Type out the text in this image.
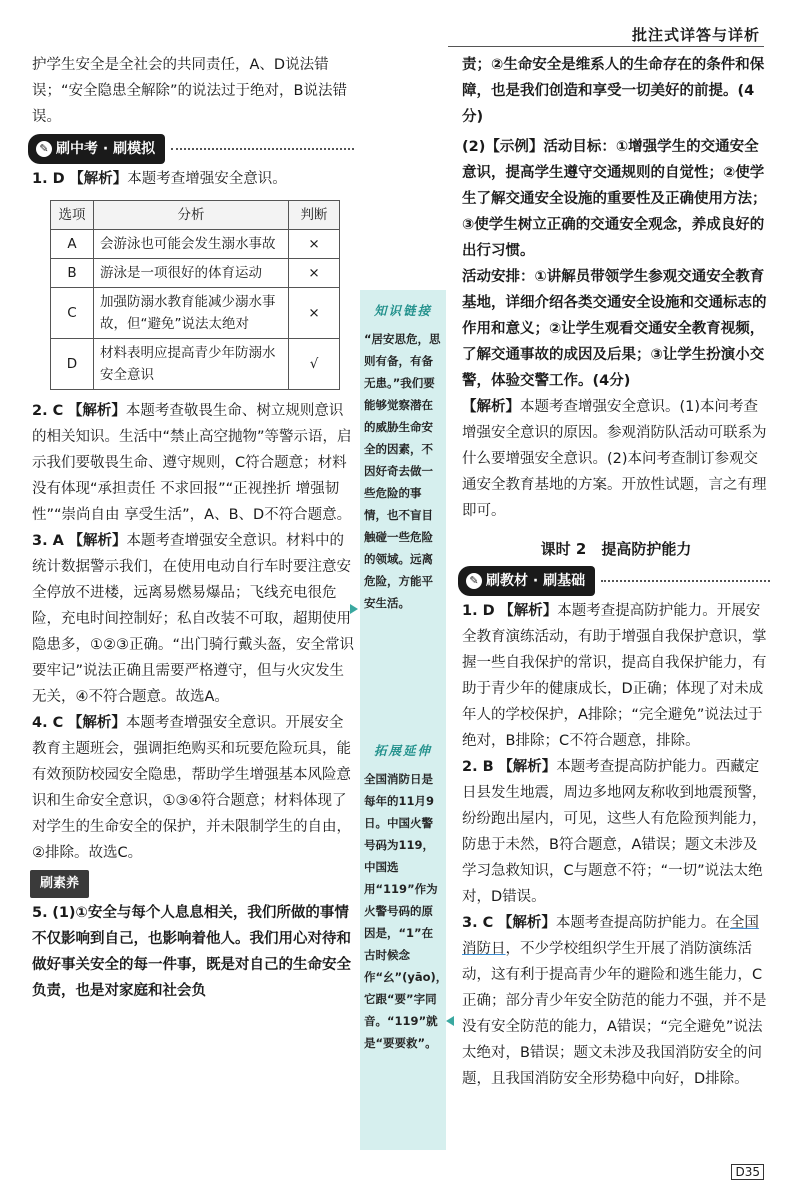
批注式详答与详析

护学生安全是全社会的共同责任，A、D说法错误；“安全隐患全解除”的说法过于绝对，B说法错误。

✎ 刷中考 · 刷模拟

1. D 【解析】本题考查增强安全意识。

选项	分析	判断
A	会游泳也可能会发生溺水事故	×
B	游泳是一项很好的体育运动	×
C	加强防溺水教育能减少溺水事故，但“避免”说法太绝对	×
D	材料表明应提高青少年防溺水安全意识	√

2. C 【解析】本题考查敬畏生命、树立规则意识的相关知识。生活中“禁止高空抛物”等警示语，启示我们要敬畏生命、遵守规则，C符合题意；材料没有体现“承担责任 不求回报”“正视挫折 增强韧性”“崇尚自由 享受生活”，A、B、D不符合题意。

3. A 【解析】本题考查增强安全意识。材料中的统计数据警示我们，在使用电动自行车时要注意安全停放不进楼，远离易燃易爆品；飞线充电很危险，充电时间控制好；私自改装不可取，超期使用隐患多，①②③正确。“出门骑行戴头盔，安全常识要牢记”说法正确且需要严格遵守，但与火灾发生无关，④不符合题意。故选A。

4. C 【解析】本题考查增强安全意识。开展安全教育主题班会，强调拒绝购买和玩要危险玩具，能有效预防校园安全隐患，帮助学生增强基本风险意识和生命安全意识，①③④符合题意；材料体现了对学生的生命安全的保护，并未限制学生的自由，②排除。故选C。

刷素养

5. (1)①安全与每个人息息相关，我们所做的事情不仅影响到自己，也影响着他人。我们用心对待和做好事关安全的每一件事，既是对自己的生命安全负责，也是对家庭和社会负

知识链接
“居安思危，思则有备，有备无患。”我们要能够觉察潜在的威胁生命安全的因素，不因好奇去做一些危险的事情，也不盲目触碰一些危险的领域。远离危险，方能平安生活。
拓展延伸
全国消防日是每年的11月9日。中国火警号码为119，中国选用“119”作为火警号码的原因是，“1”在古时候念作“幺”(yāo)，它跟“要”字同音。“119”就是“要要救”。

责；②生命安全是维系人的生命存在的条件和保障，也是我们创造和享受一切美好的前提。(4分)

(2)【示例】活动目标：①增强学生的交通安全意识，提高学生遵守交通规则的自觉性；②使学生了解交通安全设施的重要性及正确使用方法；③使学生树立正确的交通安全观念，养成良好的出行习惯。

活动安排：①讲解员带领学生参观交通安全教育基地，详细介绍各类交通安全设施和交通标志的作用和意义；②让学生观看交通安全教育视频，了解交通事故的成因及后果；③让学生扮演小交警，体验交警工作。(4分)

【解析】本题考查增强安全意识。(1)本问考查增强安全意识的原因。参观消防队活动可联系为什么要增强安全意识。(2)本问考查制订参观交通安全教育基地的方案。开放性试题，言之有理即可。

课时 2　提高防护能力
✎ 刷教材 · 刷基础

1. D 【解析】本题考查提高防护能力。开展安全教育演练活动，有助于增强自我保护意识，掌握一些自我保护的常识，提高自我保护能力，有助于青少年的健康成长，D正确；体现了对未成年人的学校保护，A排除；“完全避免”说法过于绝对，B排除；C不符合题意，排除。

2. B 【解析】本题考查提高防护能力。西藏定日县发生地震，周边多地网友称收到地震预警，纷纷跑出屋内，可见，这些人有危险预判能力，防患于未然，B符合题意，A错误；题文未涉及学习急救知识，C与题意不符；“一切”说法太绝对，D错误。

3. C 【解析】本题考查提高防护能力。在全国消防日，不少学校组织学生开展了消防演练活动，这有利于提高青少年的避险和逃生能力，C正确；部分青少年安全防范的能力不强，并不是没有安全防范的能力，A错误；“完全避免”说法太绝对，B错误；题文未涉及我国消防安全的问题，且我国消防安全形势稳中向好，D排除。

D35
